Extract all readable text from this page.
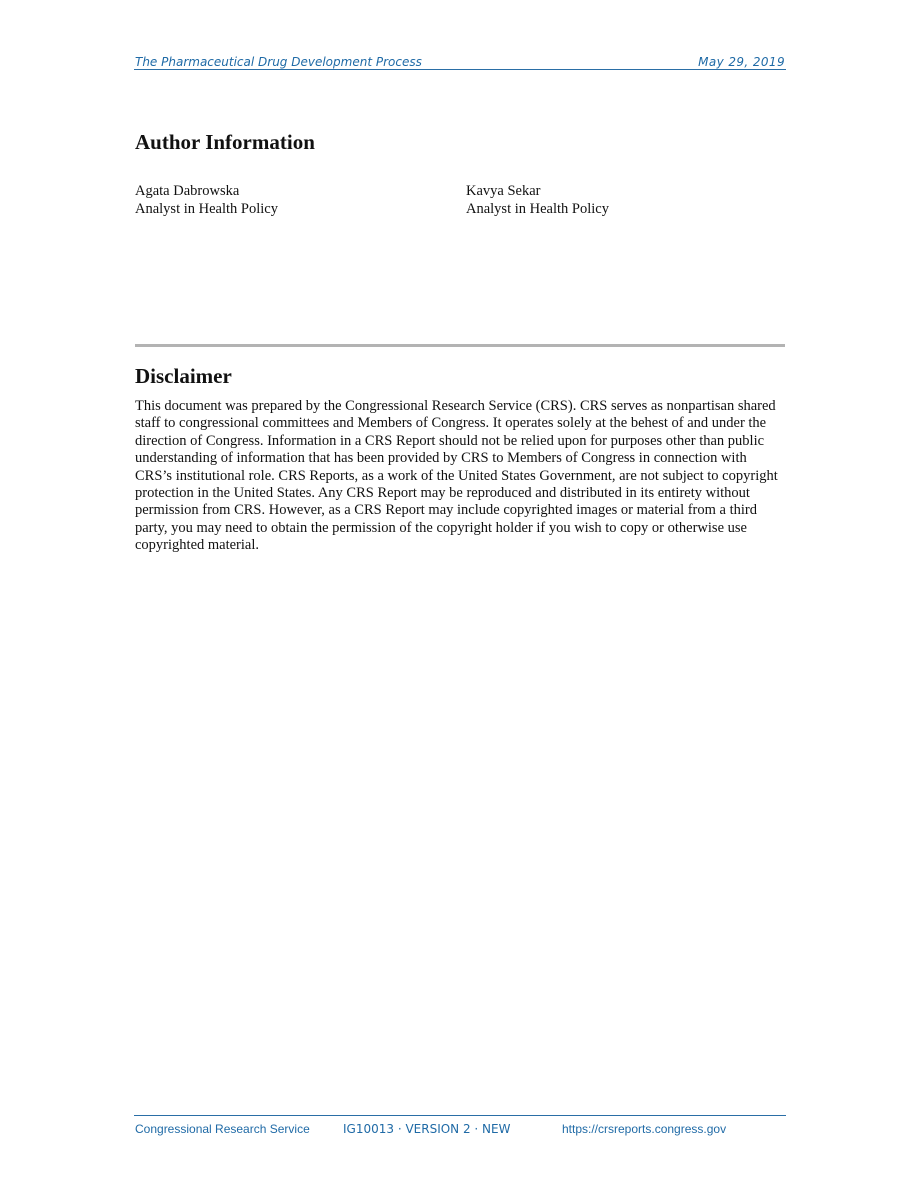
The Pharmaceutical Drug Development Process	May 29, 2019
Author Information
Agata Dabrowska
Analyst in Health Policy
Kavya Sekar
Analyst in Health Policy
Disclaimer

This document was prepared by the Congressional Research Service (CRS). CRS serves as nonpartisan shared staff to congressional committees and Members of Congress. It operates solely at the behest of and under the direction of Congress. Information in a CRS Report should not be relied upon for purposes other than public understanding of information that has been provided by CRS to Members of Congress in connection with CRS’s institutional role. CRS Reports, as a work of the United States Government, are not subject to copyright protection in the United States. Any CRS Report may be reproduced and distributed in its entirety without permission from CRS. However, as a CRS Report may include copyrighted images or material from a third party, you may need to obtain the permission of the copyright holder if you wish to copy or otherwise use copyrighted material.

Congressional Research Service	IG10013 · VERSION 2 · NEW	https://crsreports.congress.gov
